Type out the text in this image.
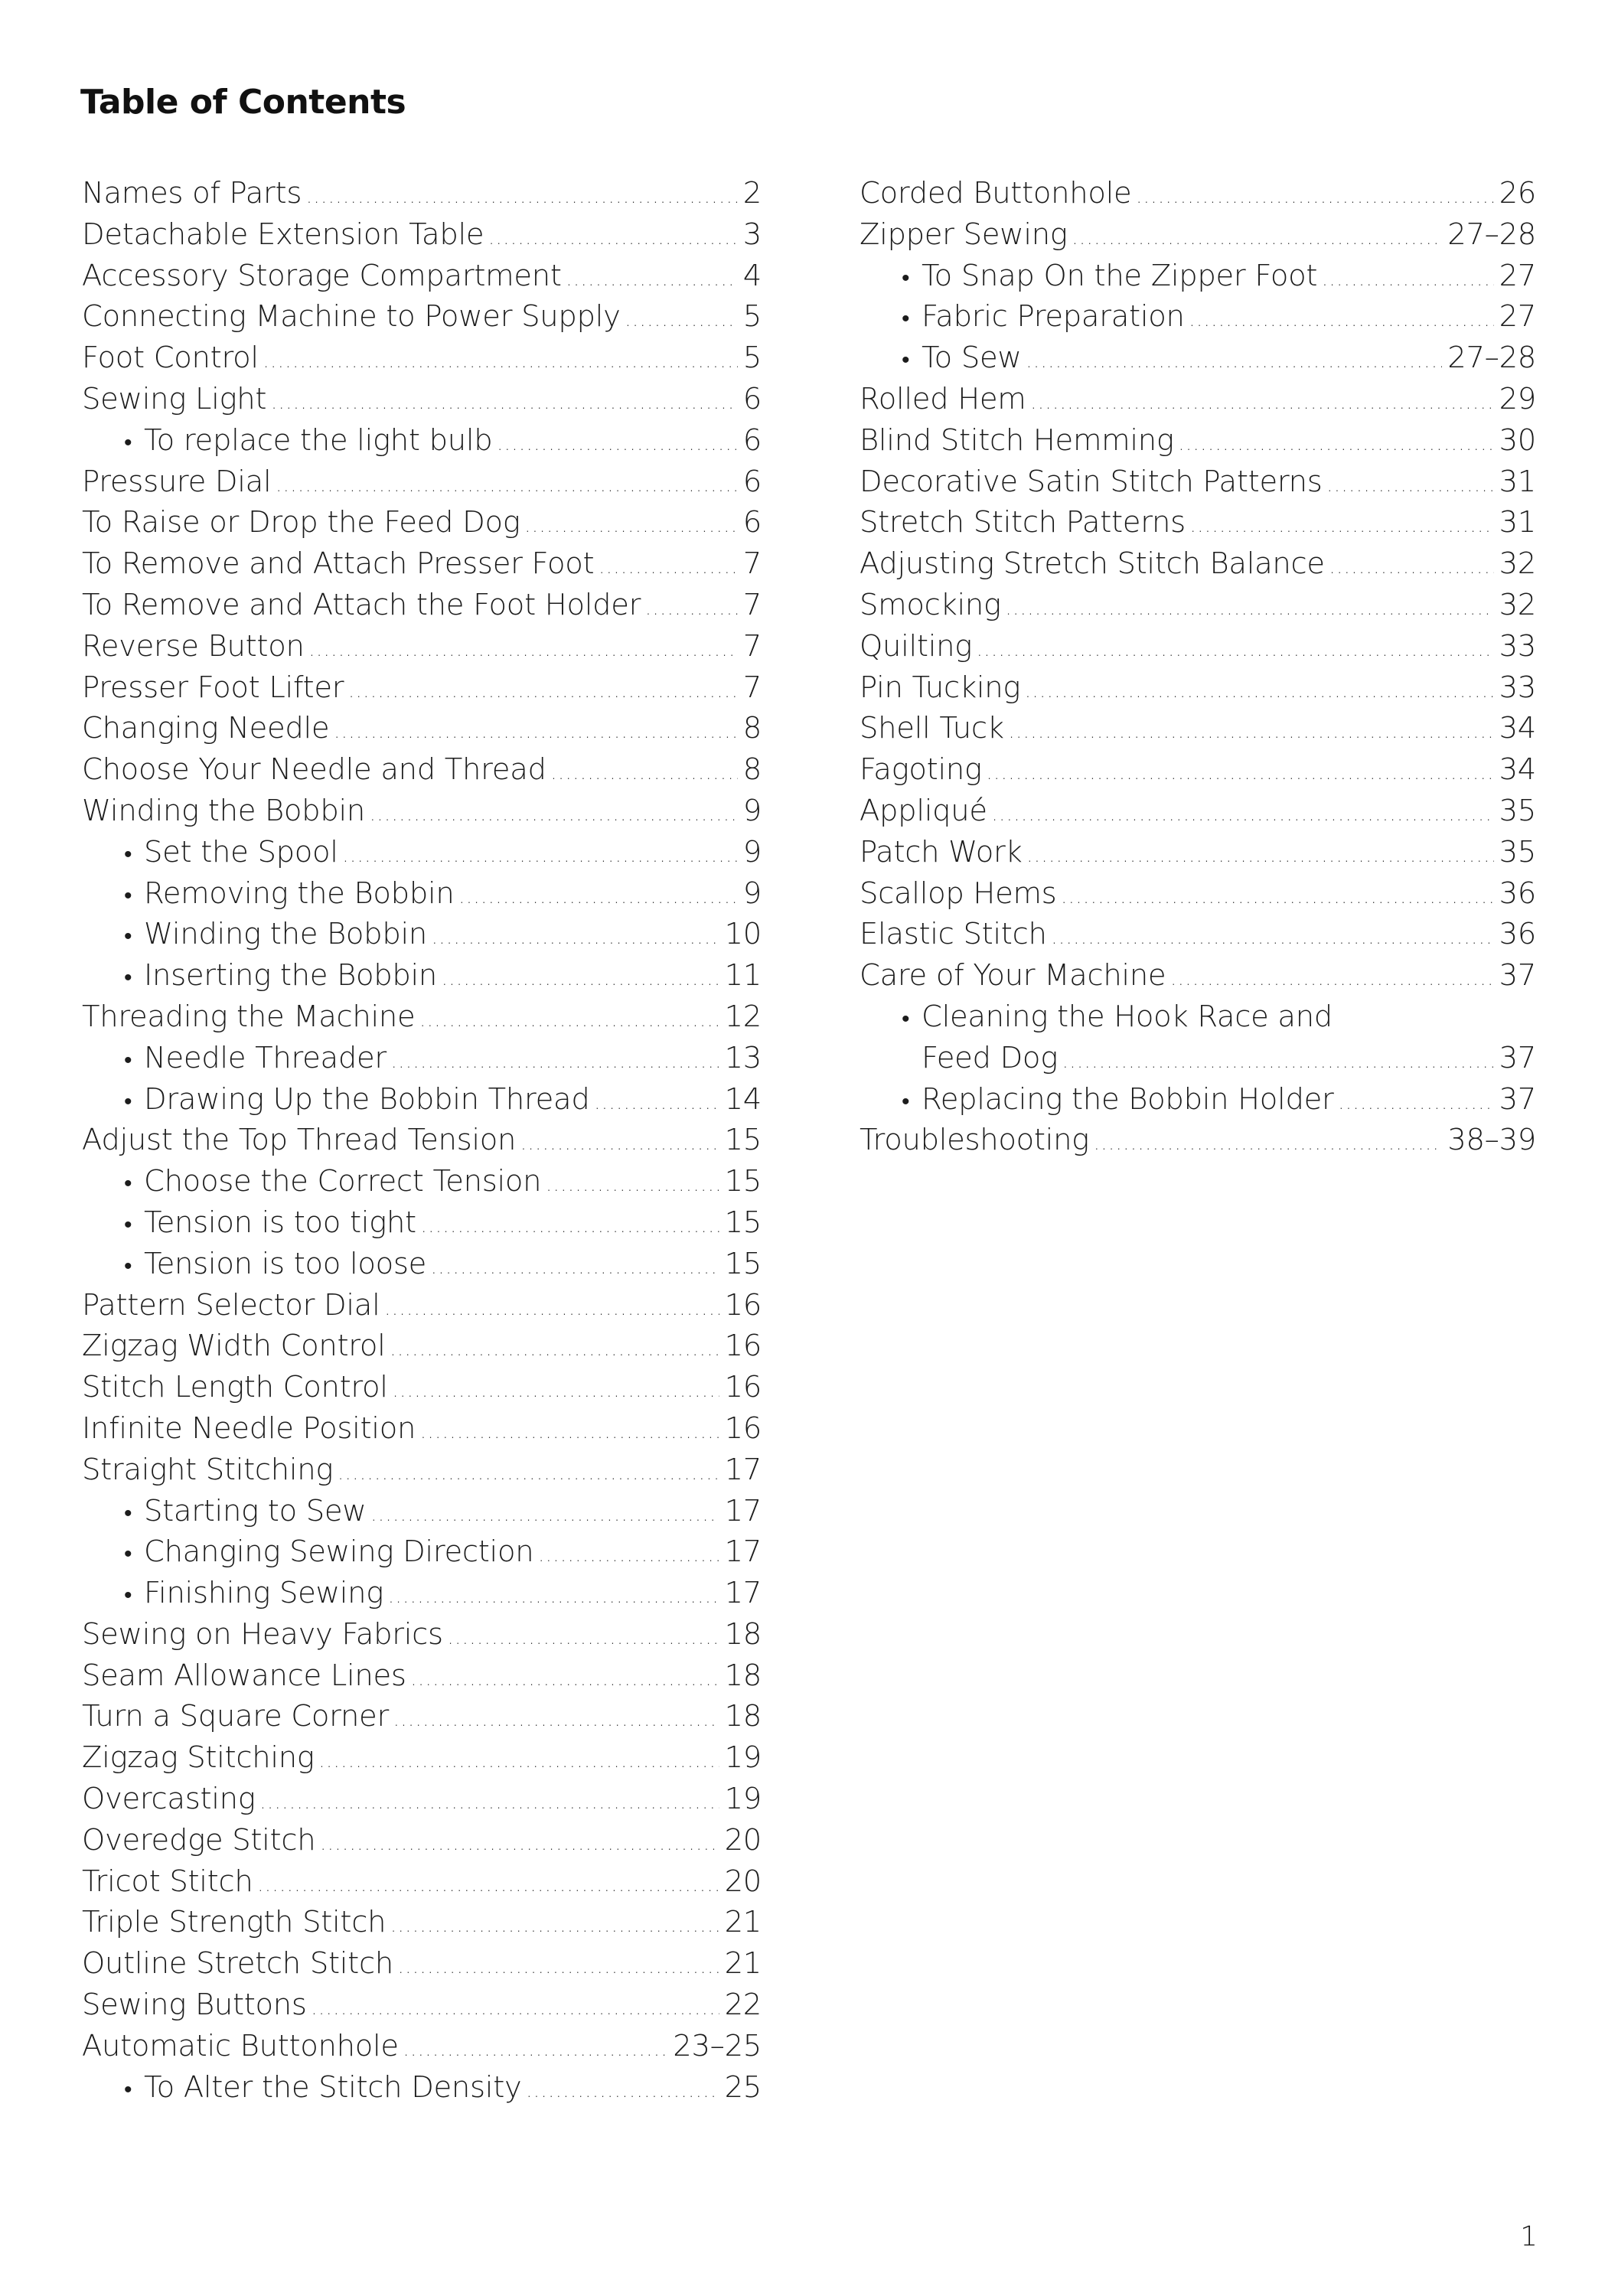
Table of Contents
Names of Parts .....	2
Detachable Extension Table .....	3
Accessory Storage Compartment .....	4
Connecting Machine to Power Supply .....	5
Foot Control .....	5
Sewing Light .....	6
• To replace the light bulb .....	6
Pressure Dial .....	6
To Raise or Drop the Feed Dog .....	6
To Remove and Attach Presser Foot .....	7
To Remove and Attach the Foot Holder .....	7
Reverse Button .....	7
Presser Foot Lifter .....	7
Changing Needle .....	8
Choose Your Needle and Thread .....	8
Winding the Bobbin .....	9
• Set the Spool .....	9
• Removing the Bobbin .....	9
• Winding the Bobbin .....	10
• Inserting the Bobbin .....	11
Threading the Machine .....	12
• Needle Threader .....	13
• Drawing Up the Bobbin Thread .....	14
Adjust the Top Thread Tension .....	15
• Choose the Correct Tension .....	15
• Tension is too tight .....	15
• Tension is too loose .....	15
Pattern Selector Dial .....	16
Zigzag Width Control .....	16
Stitch Length Control .....	16
Infinite Needle Position .....	16
Straight Stitching .....	17
• Starting to Sew .....	17
• Changing Sewing Direction .....	17
• Finishing Sewing .....	17
Sewing on Heavy Fabrics .....	18
Seam Allowance Lines .....	18
Turn a Square Corner .....	18
Zigzag Stitching .....	19
Overcasting .....	19
Overedge Stitch .....	20
Tricot Stitch .....	20
Triple Strength Stitch .....	21
Outline Stretch Stitch .....	21
Sewing Buttons .....	22
Automatic Buttonhole .....	23–25
• To Alter the Stitch Density .....	25
Corded Buttonhole .....	26
Zipper Sewing .....	27–28
• To Snap On the Zipper Foot .....	27
• Fabric Preparation .....	27
• To Sew .....	27–28
Rolled Hem .....	29
Blind Stitch Hemming .....	30
Decorative Satin Stitch Patterns .....	31
Stretch Stitch Patterns .....	31
Adjusting Stretch Stitch Balance .....	32
Smocking .....	32
Quilting .....	33
Pin Tucking .....	33
Shell Tuck .....	34
Fagoting .....	34
Appliqué .....	35
Patch Work .....	35
Scallop Hems .....	36
Elastic Stitch .....	36
Care of Your Machine .....	37
• Cleaning the Hook Race and
Feed Dog .....	37
• Replacing the Bobbin Holder .....	37
Troubleshooting .....	38–39
1
